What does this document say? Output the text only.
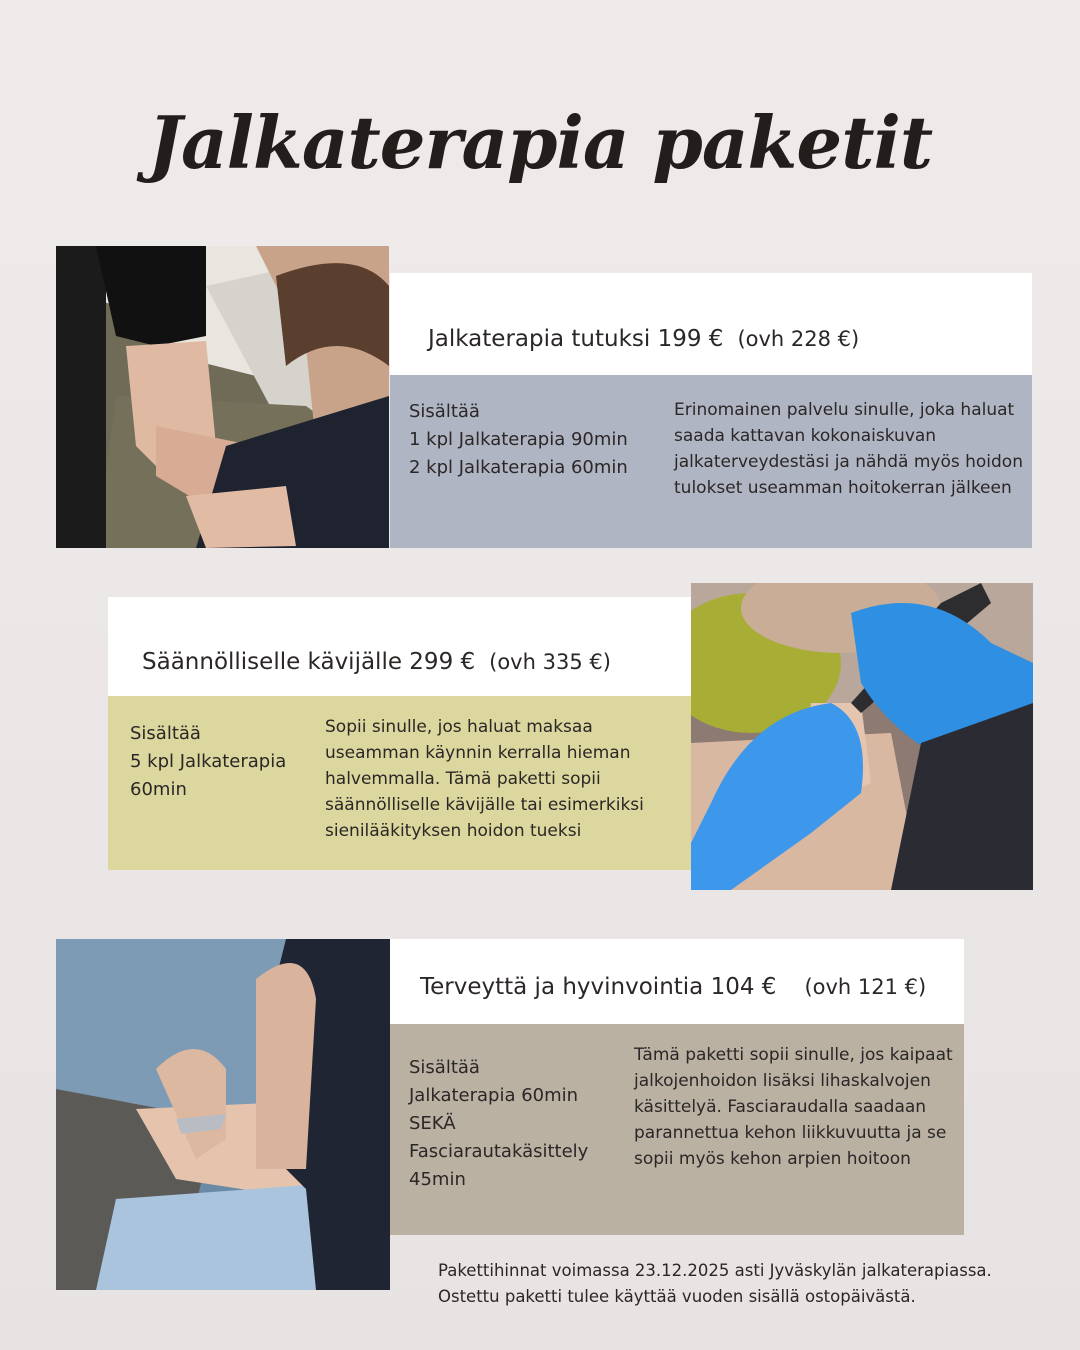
Jalkaterapia paketit
Jalkaterapia tutuksi 199 € (ovh 228 €)
Sisältää
1 kpl Jalkaterapia 90min
2 kpl Jalkaterapia 60min
Erinomainen palvelu sinulle, joka haluat saada kattavan kokonaiskuvan jalkaterveydestäsi ja nähdä myös hoidon tulokset useamman hoitokerran jälkeen
Säännölliselle kävijälle 299 € (ovh 335 €)
Sisältää
5 kpl Jalkaterapia
60min
Sopii sinulle, jos haluat maksaa useamman käynnin kerralla hieman halvemmalla. Tämä paketti sopii säännölliselle kävijälle tai esimerkiksi sienilääkityksen hoidon tueksi
Terveyttä ja hyvinvointia 104 € (ovh 121 €)
Sisältää
Jalkaterapia 60min
SEKÄ
Fasciarautakäsittely
45min
Tämä paketti sopii sinulle, jos kaipaat jalkojenhoidon lisäksi lihaskalvojen käsittelyä. Fasciaraudalla saadaan parannettua kehon liikkuvuutta ja se sopii myös kehon arpien hoitoon
Pakettihinnat voimassa 23.12.2025 asti Jyväskylän jalkaterapiassa. Ostettu paketti tulee käyttää vuoden sisällä ostopäivästä.
